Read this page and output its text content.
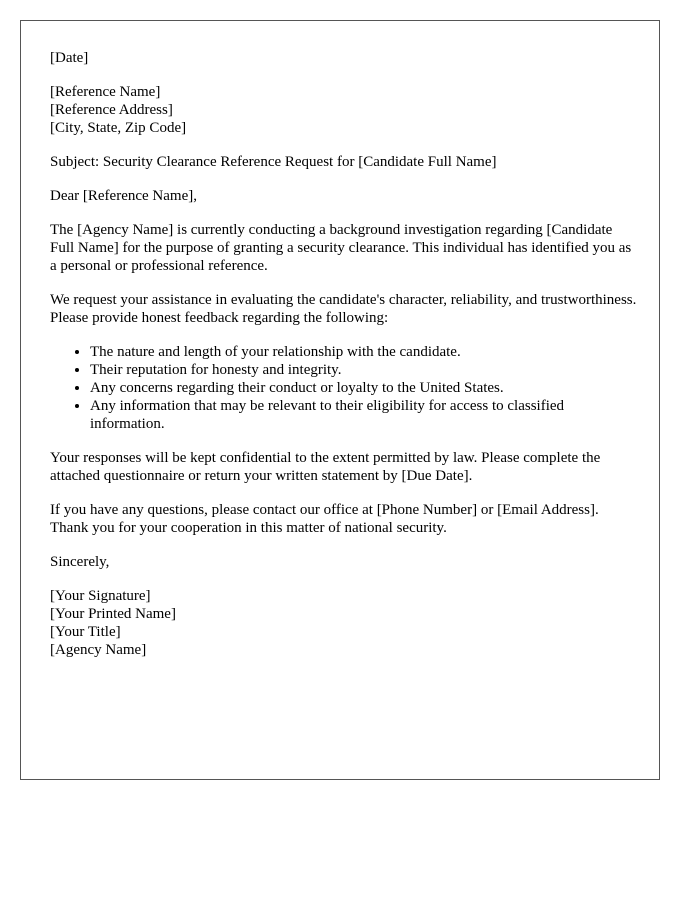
[Date]

[Reference Name]
[Reference Address]
[City, State, Zip Code]

Subject: Security Clearance Reference Request for [Candidate Full Name]

Dear [Reference Name],

The [Agency Name] is currently conducting a background investigation regarding [Candidate Full Name] for the purpose of granting a security clearance. This individual has identified you as a personal or professional reference.

We request your assistance in evaluating the candidate's character, reliability, and trustworthiness. Please provide honest feedback regarding the following:

• The nature and length of your relationship with the candidate.
• Their reputation for honesty and integrity.
• Any concerns regarding their conduct or loyalty to the United States.
• Any information that may be relevant to their eligibility for access to classified information.

Your responses will be kept confidential to the extent permitted by law. Please complete the attached questionnaire or return your written statement by [Due Date].

If you have any questions, please contact our office at [Phone Number] or [Email Address]. Thank you for your cooperation in this matter of national security.

Sincerely,

[Your Signature]
[Your Printed Name]
[Your Title]
[Agency Name]
